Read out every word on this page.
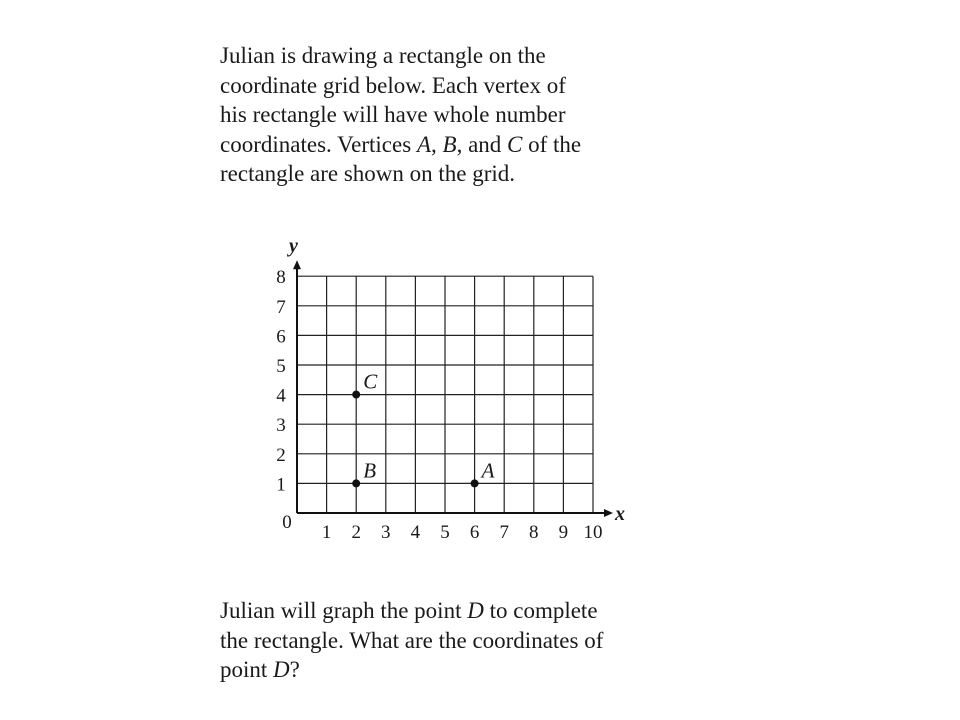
Julian is drawing a rectangle on the
coordinate grid below. Each vertex of
his rectangle will have whole number
coordinates. Vertices A, B, and C of the
rectangle are shown on the grid.

x
y
0 1 2 3 4 5 6 7 8 9 10
1
2
3
4
5
6
7
8
A
B
C

Julian will graph the point D to complete
the rectangle. What are the coordinates of
point D?
